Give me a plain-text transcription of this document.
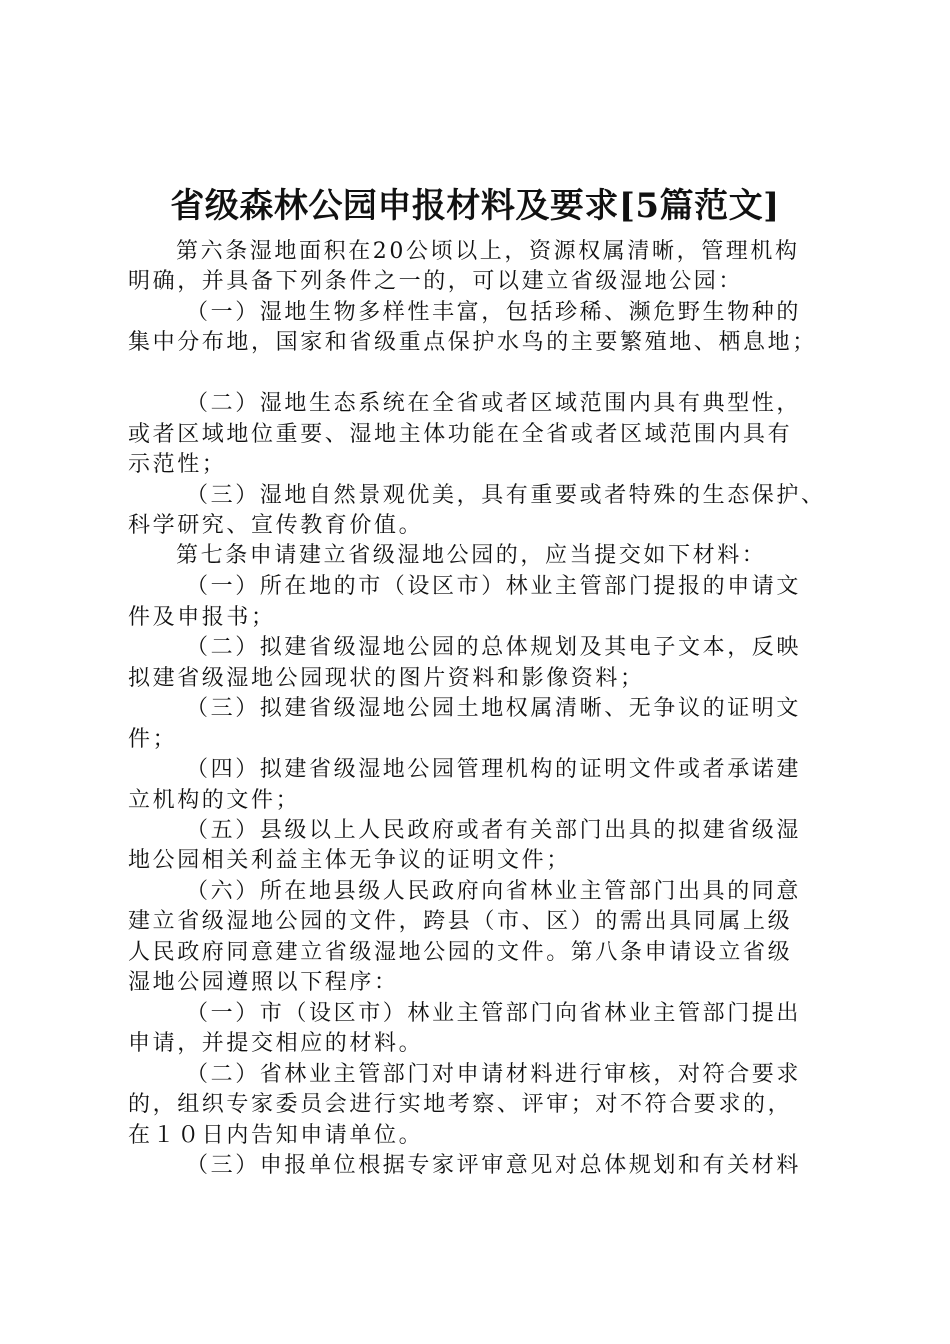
省级森林公园申报材料及要求[5篇范文]
第六条湿地面积在20公顷以上，资源权属清晰，管理机构
明确，并具备下列条件之一的，可以建立省级湿地公园：
（一）湿地生物多样性丰富，包括珍稀、濒危野生物种的
集中分布地，国家和省级重点保护水鸟的主要繁殖地、栖息地；
（二）湿地生态系统在全省或者区域范围内具有典型性，
或者区域地位重要、湿地主体功能在全省或者区域范围内具有
示范性；
（三）湿地自然景观优美，具有重要或者特殊的生态保护、
科学研究、宣传教育价值。
第七条申请建立省级湿地公园的，应当提交如下材料：
（一）所在地的市（设区市）林业主管部门提报的申请文
件及申报书；
（二）拟建省级湿地公园的总体规划及其电子文本，反映
拟建省级湿地公园现状的图片资料和影像资料；
（三）拟建省级湿地公园土地权属清晰、无争议的证明文
件；
（四）拟建省级湿地公园管理机构的证明文件或者承诺建
立机构的文件；
（五）县级以上人民政府或者有关部门出具的拟建省级湿
地公园相关利益主体无争议的证明文件；
（六）所在地县级人民政府向省林业主管部门出具的同意
建立省级湿地公园的文件，跨县（市、区）的需出具同属上级
人民政府同意建立省级湿地公园的文件。第八条申请设立省级
湿地公园遵照以下程序：
（一）市（设区市）林业主管部门向省林业主管部门提出
申请，并提交相应的材料。
（二）省林业主管部门对申请材料进行审核，对符合要求
的，组织专家委员会进行实地考察、评审；对不符合要求的，
在１０日内告知申请单位。
（三）申报单位根据专家评审意见对总体规划和有关材料
